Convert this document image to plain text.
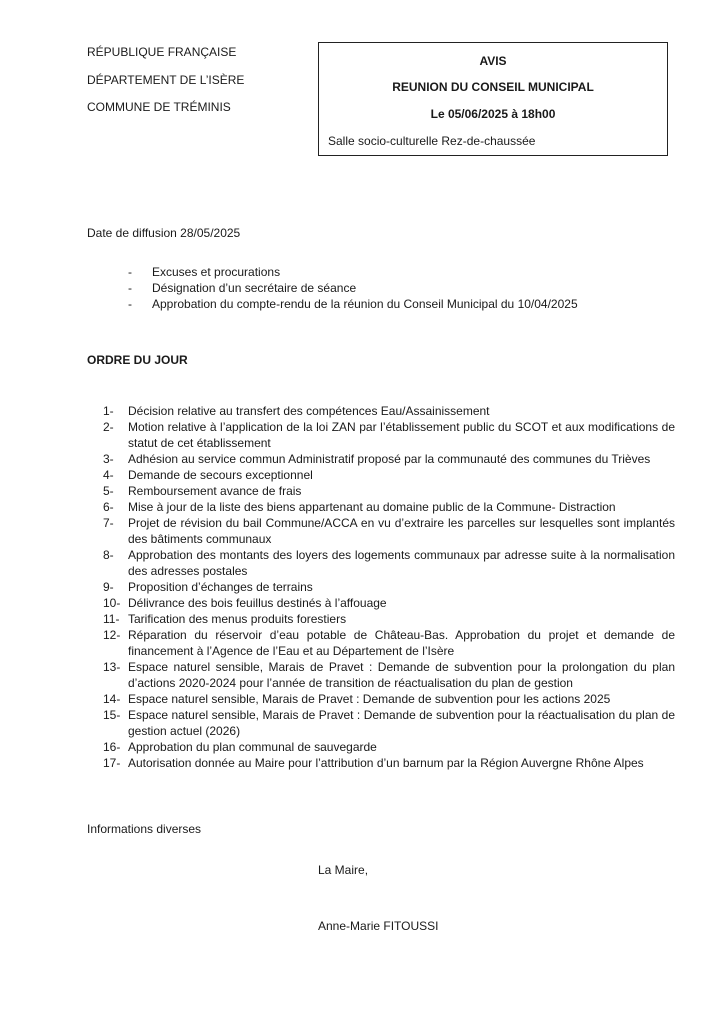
RÉPUBLIQUE FRANÇAISE
DÉPARTEMENT DE L’ISÈRE
COMMUNE DE TRÉMINIS
AVIS
REUNION DU CONSEIL MUNICIPAL
Le 05/06/2025 à 18h00
Salle socio-culturelle Rez-de-chaussée
Date de diffusion 28/05/2025
- Excuses et procurations
- Désignation d’un secrétaire de séance
- Approbation du compte-rendu de la réunion du Conseil Municipal du 10/04/2025
ORDRE DU JOUR
1-	Décision relative au transfert des compétences Eau/Assainissement
2-	Motion relative à l’application de la loi ZAN par l’établissement public du SCOT et aux modifications de statut de cet établissement
3-	Adhésion au service commun Administratif proposé par la communauté des communes du Trièves
4-	Demande de secours exceptionnel
5-	Remboursement avance de frais
6-	Mise à jour de la liste des biens appartenant au domaine public de la Commune- Distraction
7-	Projet de révision du bail Commune/ACCA en vu d’extraire les parcelles sur lesquelles sont implantés des bâtiments communaux
8-	Approbation des montants des loyers des logements communaux par adresse suite à la normalisation des adresses postales
9-	Proposition d’échanges de terrains
10- Délivrance des bois feuillus destinés à l’affouage
11- Tarification des menus produits forestiers
12- Réparation du réservoir d’eau potable de Château-Bas. Approbation du projet et demande de financement à l’Agence de l’Eau et au Département de l’Isère
13- Espace naturel sensible, Marais de Pravet : Demande de subvention pour la prolongation du plan d’actions 2020-2024 pour l’année de transition de réactualisation du plan de gestion
14- Espace naturel sensible, Marais de Pravet : Demande de subvention pour les actions 2025
15- Espace naturel sensible, Marais de Pravet : Demande de subvention pour la réactualisation du plan de gestion actuel (2026)
16- Approbation du plan communal de sauvegarde
17- Autorisation donnée au Maire pour l’attribution d’un barnum par la Région Auvergne Rhône Alpes
Informations diverses
La Maire,
Anne-Marie FITOUSSI
